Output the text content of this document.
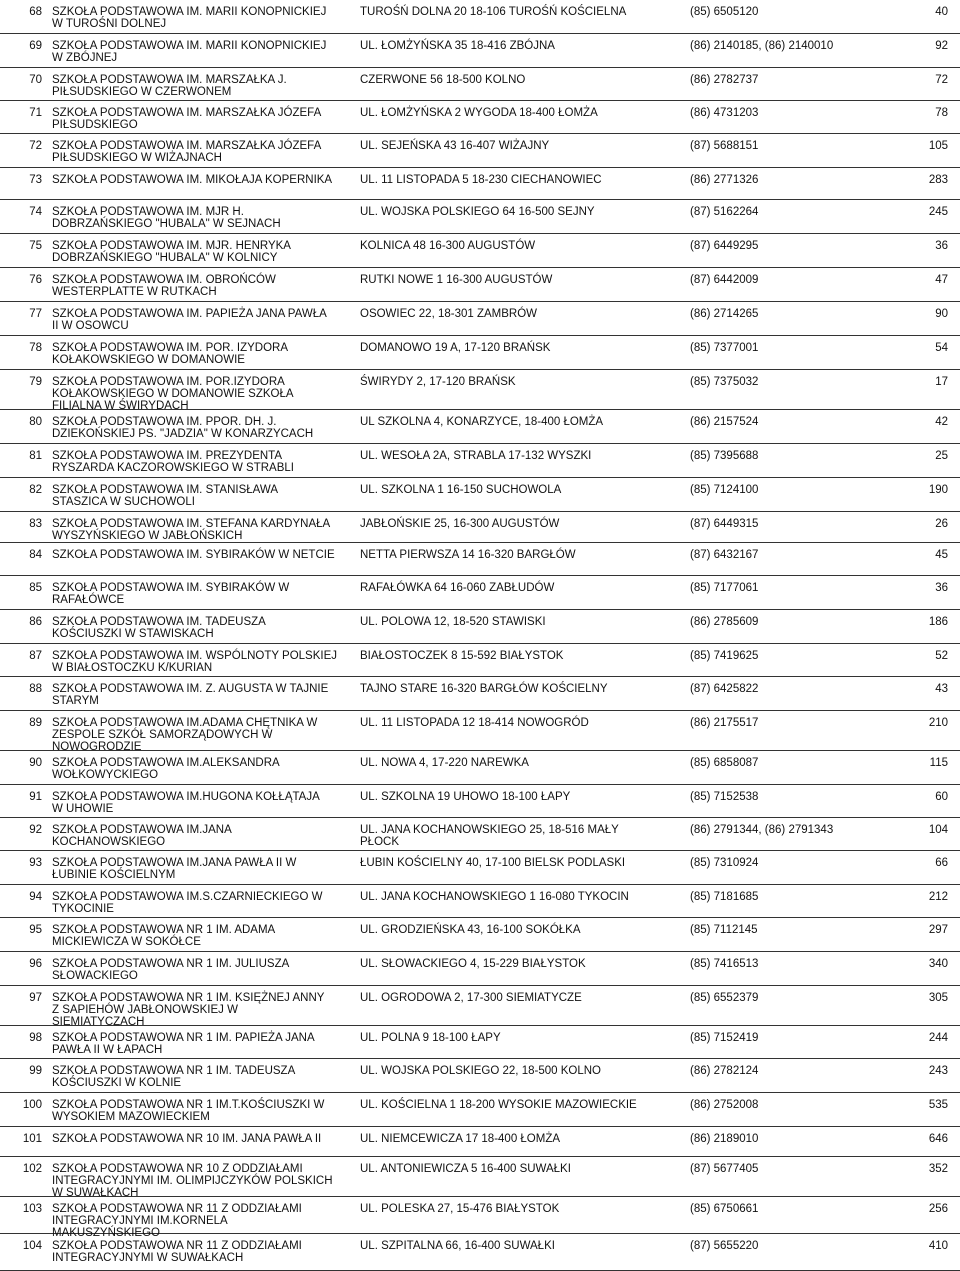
68 SZKOŁA PODSTAWOWA IM. MARII KONOPNICKIEJ
W TUROŚNI DOLNEJ
TUROŚŃ DOLNA 20 18-106 TUROŚŃ KOŚCIELNA	(85) 6505120	40
69 SZKOŁA PODSTAWOWA IM. MARII KONOPNICKIEJ
W ZBÓJNEJ
UL. ŁOMŻYŃSKA 35 18-416 ZBÓJNA	(86) 2140185, (86) 2140010	92
70 SZKOŁA PODSTAWOWA IM. MARSZAŁKA J.
PIŁSUDSKIEGO W CZERWONEM
CZERWONE 56 18-500 KOLNO	(86) 2782737	72
71 SZKOŁA PODSTAWOWA IM. MARSZAŁKA JÓZEFA
PIŁSUDSKIEGO
UL. ŁOMŻYŃSKA 2 WYGODA 18-400 ŁOMŻA	(86) 4731203	78
72 SZKOŁA PODSTAWOWA IM. MARSZAŁKA JÓZEFA
PIŁSUDSKIEGO W WIŻAJNACH
UL. SEJEŃSKA 43 16-407 WIŻAJNY	(87) 5688151	105
73 SZKOŁA PODSTAWOWA IM. MIKOŁAJA KOPERNIKA	UL. 11 LISTOPADA 5 18-230 CIECHANOWIEC	(86) 2771326	283
74 SZKOŁA PODSTAWOWA IM. MJR H.
DOBRZAŃSKIEGO "HUBALA" W SEJNACH
UL. WOJSKA POLSKIEGO 64 16-500 SEJNY	(87) 5162264	245
75 SZKOŁA PODSTAWOWA IM. MJR. HENRYKA
DOBRZAŃSKIEGO "HUBALA" W KOLNICY
KOLNICA 48 16-300 AUGUSTÓW	(87) 6449295	36
76 SZKOŁA PODSTAWOWA IM. OBROŃCÓW
WESTERPLATTE W RUTKACH
RUTKI NOWE 1 16-300 AUGUSTÓW	(87) 6442009	47
77 SZKOŁA PODSTAWOWA IM. PAPIEŻA JANA PAWŁA
II W OSOWCU
OSOWIEC 22, 18-301 ZAMBRÓW	(86) 2714265	90
78 SZKOŁA PODSTAWOWA IM. POR. IZYDORA
KOŁAKOWSKIEGO W DOMANOWIE
DOMANOWO 19 A, 17-120 BRAŃSK	(85) 7377001	54
79 SZKOŁA PODSTAWOWA IM. POR.IZYDORA
KOŁAKOWSKIEGO W DOMANOWIE SZKOŁA
FILIALNA W ŚWIRYDACH
ŚWIRYDY 2, 17-120 BRAŃSK	(85) 7375032	17
80 SZKOŁA PODSTAWOWA IM. PPOR. DH. J.
DZIEKOŃSKIEJ PS. "JADZIA" W KONARZYCACH
UL SZKOLNA 4, KONARZYCE, 18-400 ŁOMŻA	(86) 2157524	42
81 SZKOŁA PODSTAWOWA IM. PREZYDENTA
RYSZARDA KACZOROWSKIEGO W STRABLI
UL. WESOŁA 2A, STRABLA 17-132 WYSZKI	(85) 7395688	25
82 SZKOŁA PODSTAWOWA IM. STANISŁAWA
STASZICA W SUCHOWOLI
UL. SZKOLNA 1 16-150 SUCHOWOLA	(85) 7124100	190
83 SZKOŁA PODSTAWOWA IM. STEFANA KARDYNAŁA
WYSZYŃSKIEGO W JABŁOŃSKICH
JABŁOŃSKIE 25, 16-300 AUGUSTÓW	(87) 6449315	26
84 SZKOŁA PODSTAWOWA IM. SYBIRAKÓW W NETCIE	NETTA PIERWSZA 14 16-320 BARGŁÓW	(87) 6432167	45
85 SZKOŁA PODSTAWOWA IM. SYBIRAKÓW W
RAFAŁÓWCE
RAFAŁÓWKA 64 16-060 ZABŁUDÓW	(85) 7177061	36
86 SZKOŁA PODSTAWOWA IM. TADEUSZA
KOŚCIUSZKI W STAWISKACH
UL. POLOWA 12, 18-520 STAWISKI	(86) 2785609	186
87 SZKOŁA PODSTAWOWA IM. WSPÓLNOTY POLSKIEJ
W BIAŁOSTOCZKU K/KURIAN
BIAŁOSTOCZEK 8 15-592 BIAŁYSTOK	(85) 7419625	52
88 SZKOŁA PODSTAWOWA IM. Z. AUGUSTA W TAJNIE
STARYM
TAJNO STARE 16-320 BARGŁÓW KOŚCIELNY	(87) 6425822	43
89 SZKOŁA PODSTAWOWA IM.ADAMA CHĘTNIKA W
ZESPOLE SZKÓŁ SAMORZĄDOWYCH W
NOWOGRODZIE
UL. 11 LISTOPADA 12 18-414 NOWOGRÓD	(86) 2175517	210
90 SZKOŁA PODSTAWOWA IM.ALEKSANDRA
WOŁKOWYCKIEGO
UL. NOWA 4, 17-220 NAREWKA	(85) 6858087	115
91 SZKOŁA PODSTAWOWA IM.HUGONA KOŁŁĄTAJA
W UHOWIE
UL. SZKOLNA 19 UHOWO 18-100 ŁAPY	(85) 7152538	60
92 SZKOŁA PODSTAWOWA IM.JANA
KOCHANOWSKIEGO
UL. JANA KOCHANOWSKIEGO 25, 18-516 MAŁY
PŁOCK
(86) 2791344, (86) 2791343	104
93 SZKOŁA PODSTAWOWA IM.JANA PAWŁA II W
ŁUBINIE KOŚCIELNYM
ŁUBIN KOŚCIELNY 40, 17-100 BIELSK PODLASKI	(85) 7310924	66
94 SZKOŁA PODSTAWOWA IM.S.CZARNIECKIEGO W
TYKOCINIE
UL. JANA KOCHANOWSKIEGO 1 16-080 TYKOCIN	(85) 7181685	212
95 SZKOŁA PODSTAWOWA NR 1 IM. ADAMA
MICKIEWICZA W SOKÓŁCE
UL. GRODZIEŃSKA 43, 16-100 SOKÓŁKA	(85) 7112145	297
96 SZKOŁA PODSTAWOWA NR 1 IM. JULIUSZA
SŁOWACKIEGO
UL. SŁOWACKIEGO 4, 15-229 BIAŁYSTOK	(85) 7416513	340
97 SZKOŁA PODSTAWOWA NR 1 IM. KSIĘŻNEJ ANNY
Z SAPIEHÓW JABŁONOWSKIEJ W
SIEMIATYCZACH
UL. OGRODOWA 2, 17-300 SIEMIATYCZE	(85) 6552379	305
98 SZKOŁA PODSTAWOWA NR 1 IM. PAPIEŻA JANA
PAWŁA II W ŁAPACH
UL. POLNA 9 18-100 ŁAPY	(85) 7152419	244
99 SZKOŁA PODSTAWOWA NR 1 IM. TADEUSZA
KOŚCIUSZKI W KOLNIE
UL. WOJSKA POLSKIEGO 22, 18-500 KOLNO	(86) 2782124	243
100 SZKOŁA PODSTAWOWA NR 1 IM.T.KOŚCIUSZKI W
WYSOKIEM MAZOWIECKIEM
UL. KOŚCIELNA 1 18-200 WYSOKIE MAZOWIECKIE	(86) 2752008	535
101 SZKOŁA PODSTAWOWA NR 10 IM. JANA PAWŁA II	UL. NIEMCEWICZA 17 18-400 ŁOMŻA	(86) 2189010	646
102 SZKOŁA PODSTAWOWA NR 10 Z ODDZIAŁAMI
INTEGRACYJNYMI IM. OLIMPIJCZYKÓW POLSKICH
W SUWAŁKACH
UL. ANTONIEWICZA 5 16-400 SUWAŁKI	(87) 5677405	352
103 SZKOŁA PODSTAWOWA NR 11 Z ODDZIAŁAMI
INTEGRACYJNYMI IM.KORNELA
MAKUSZYŃSKIEGO
UL. POLESKA 27, 15-476 BIAŁYSTOK	(85) 6750661	256
104 SZKOŁA PODSTAWOWA NR 11 Z ODDZIAŁAMI
INTEGRACYJNYMI W SUWAŁKACH
UL. SZPITALNA 66, 16-400 SUWAŁKI	(87) 5655220	410
